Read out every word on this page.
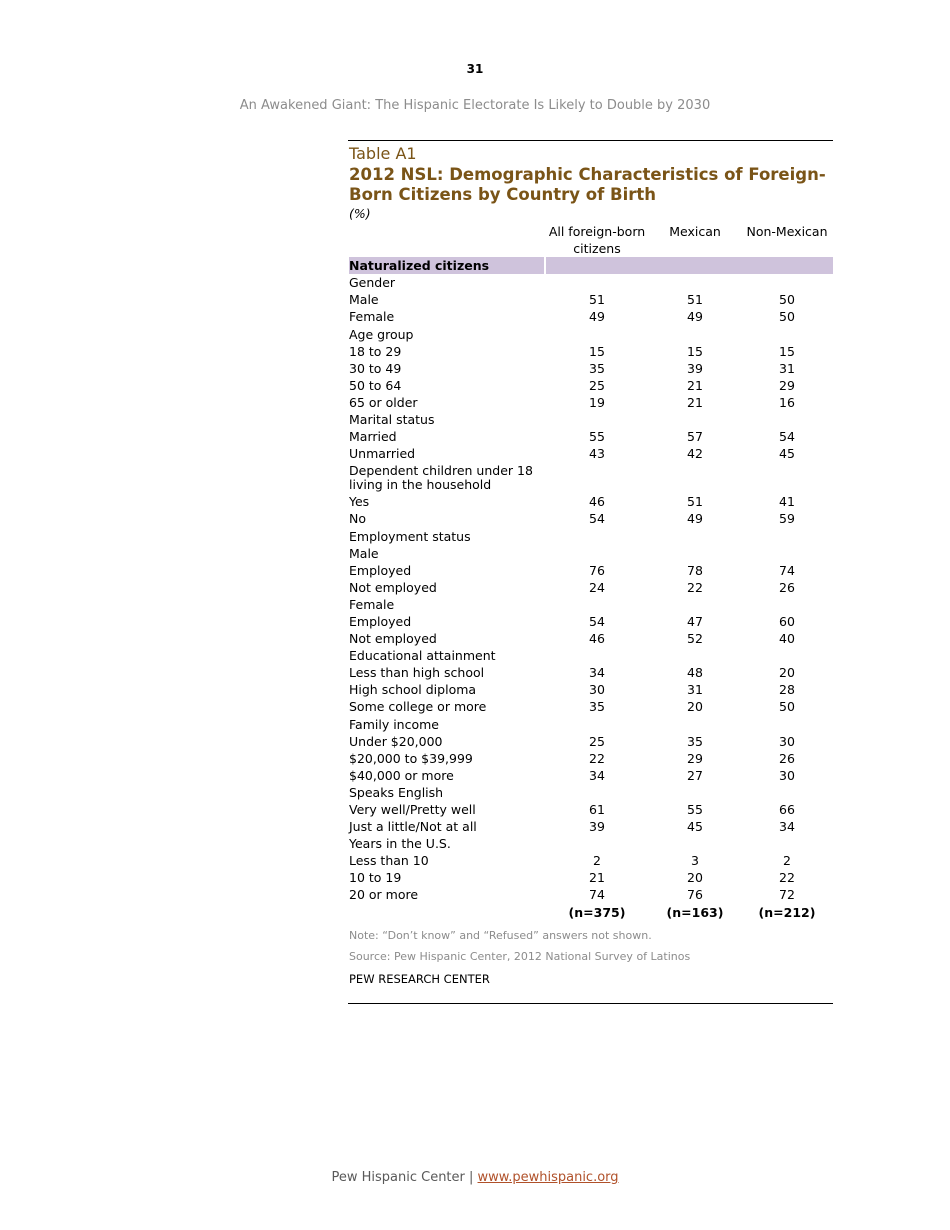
31
An Awakened Giant: The Hispanic Electorate Is Likely to Double by 2030
Table A1
2012 NSL: Demographic Characteristics of Foreign-Born Citizens by Country of Birth
(%)
	All foreign-born citizens	Mexican	Non-Mexican
Naturalized citizens			
Gender			
Male	51	51	50
Female	49	49	50
Age group			
18 to 29	15	15	15
30 to 49	35	39	31
50 to 64	25	21	29
65 or older	19	21	16
Marital status			
Married	55	57	54
Unmarried	43	42	45
Dependent children under 18 living in the household			
Yes	46	51	41
No	54	49	59
Employment status			
Male			
Employed	76	78	74
Not employed	24	22	26
Female			
Employed	54	47	60
Not employed	46	52	40
Educational attainment			
Less than high school	34	48	20
High school diploma	30	31	28
Some college or more	35	20	50
Family income			
Under $20,000	25	35	30
$20,000 to $39,999	22	29	26
$40,000 or more	34	27	30
Speaks English			
Very well/Pretty well	61	55	66
Just a little/Not at all	39	45	34
Years in the U.S.			
Less than 10	2	3	2
10 to 19	21	20	22
20 or more	74	76	72
	(n=375)	(n=163)	(n=212)
Note: “Don’t know” and “Refused” answers not shown.
Source: Pew Hispanic Center, 2012 National Survey of Latinos
PEW RESEARCH CENTER
Pew Hispanic Center | www.pewhispanic.org
